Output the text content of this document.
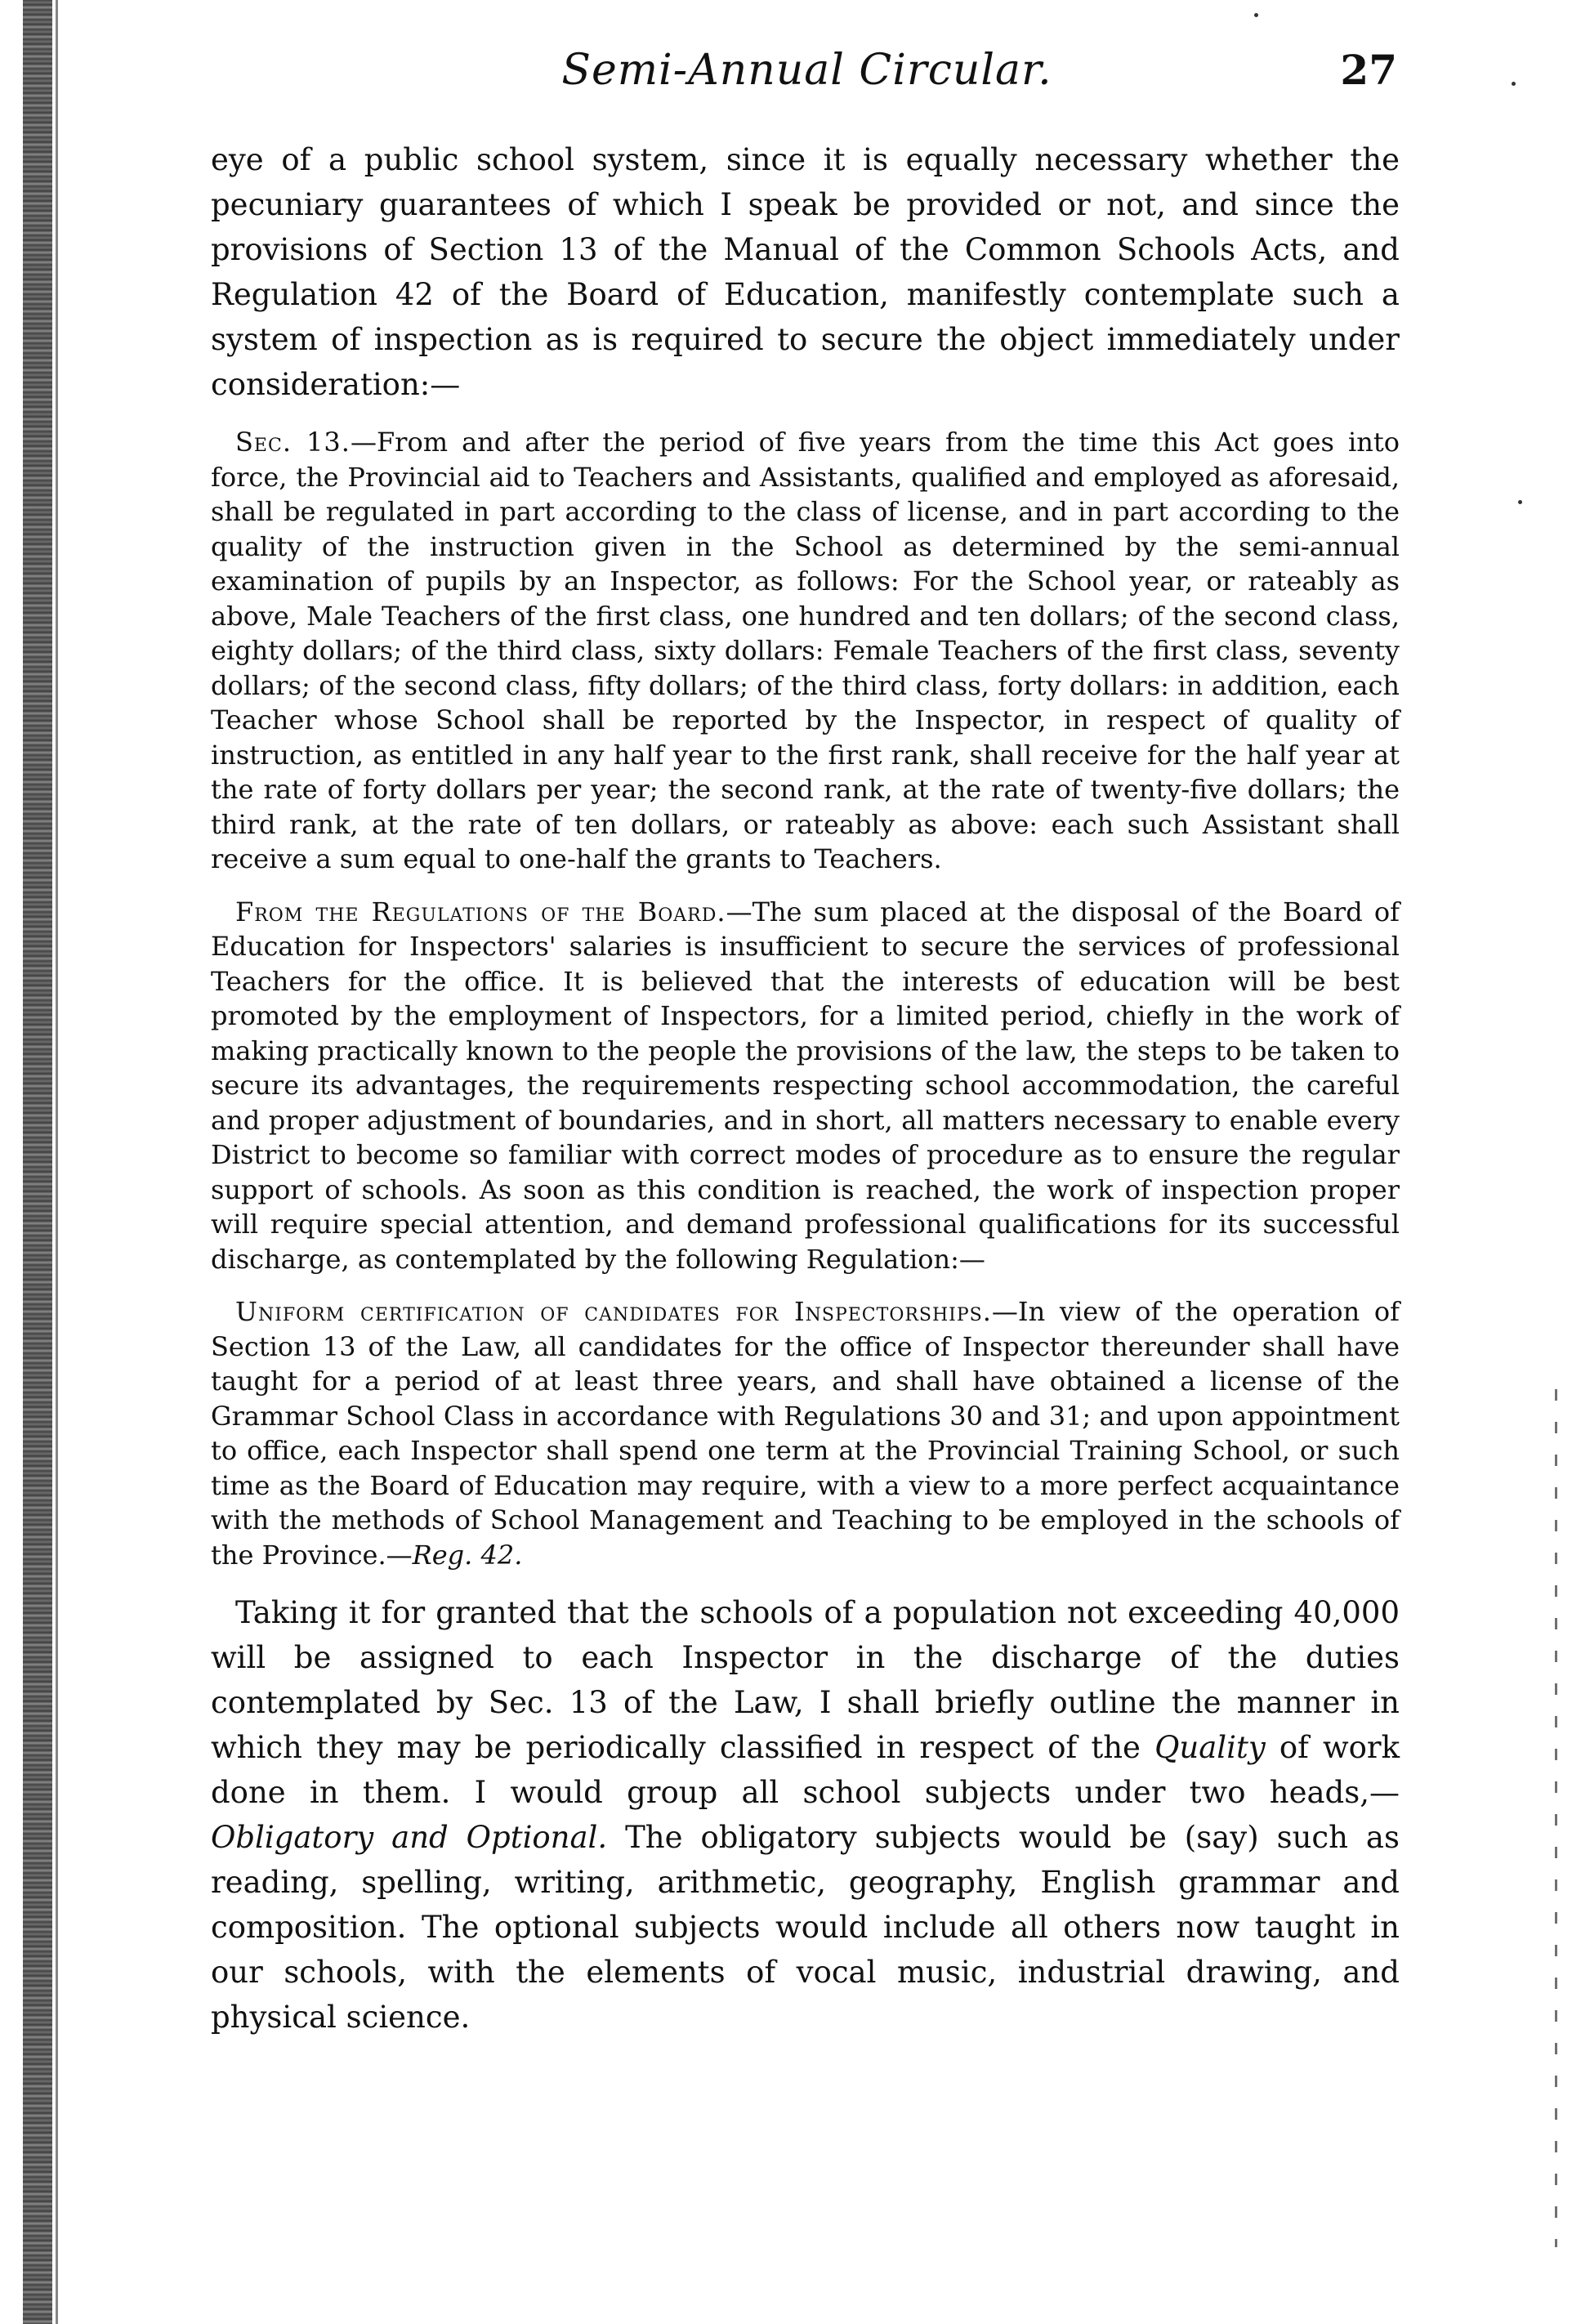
Semi-Annual Circular.	27

eye of a public school system, since it is equally necessary whether the pecuniary guarantees of which I speak be provided or not, and since the provisions of Section 13 of the Manual of the Common Schools Acts, and Regulation 42 of the Board of Education, manifestly contemplate such a system of inspection as is required to secure the object immediately under consideration:—

Sec. 13.—From and after the period of five years from the time this Act goes into force, the Provincial aid to Teachers and Assistants, qualified and employed as aforesaid, shall be regulated in part according to the class of license, and in part according to the quality of the instruction given in the School as determined by the semi-annual examination of pupils by an Inspector, as follows: For the School year, or rateably as above, Male Teachers of the first class, one hundred and ten dollars; of the second class, eighty dollars; of the third class, sixty dollars: Female Teachers of the first class, seventy dollars; of the second class, fifty dollars; of the third class, forty dollars: in addition, each Teacher whose School shall be reported by the Inspector, in respect of quality of instruction, as entitled in any half year to the first rank, shall receive for the half year at the rate of forty dollars per year; the second rank, at the rate of twenty-five dollars; the third rank, at the rate of ten dollars, or rateably as above: each such Assistant shall receive a sum equal to one-half the grants to Teachers.

From the Regulations of the Board.—The sum placed at the disposal of the Board of Education for Inspectors' salaries is insufficient to secure the services of professional Teachers for the office. It is believed that the interests of education will be best promoted by the employment of Inspectors, for a limited period, chiefly in the work of making practically known to the people the provisions of the law, the steps to be taken to secure its advantages, the requirements respecting school accommodation, the careful and proper adjustment of boundaries, and in short, all matters necessary to enable every District to become so familiar with correct modes of procedure as to ensure the regular support of schools. As soon as this condition is reached, the work of inspection proper will require special attention, and demand professional qualifications for its successful discharge, as contemplated by the following Regulation:—

Uniform certification of candidates for Inspectorships.—In view of the operation of Section 13 of the Law, all candidates for the office of Inspector thereunder shall have taught for a period of at least three years, and shall have obtained a license of the Grammar School Class in accordance with Regulations 30 and 31; and upon appointment to office, each Inspector shall spend one term at the Provincial Training School, or such time as the Board of Education may require, with a view to a more perfect acquaintance with the methods of School Management and Teaching to be employed in the schools of the Province.—Reg. 42.

Taking it for granted that the schools of a population not exceeding 40,000 will be assigned to each Inspector in the discharge of the duties contemplated by Sec. 13 of the Law, I shall briefly outline the manner in which they may be periodically classified in respect of the Quality of work done in them. I would group all school subjects under two heads,—Obligatory and Optional. The obligatory subjects would be (say) such as reading, spelling, writing, arithmetic, geography, English grammar and composition. The optional subjects would include all others now taught in our schools, with the elements of vocal music, industrial drawing, and physical science.
